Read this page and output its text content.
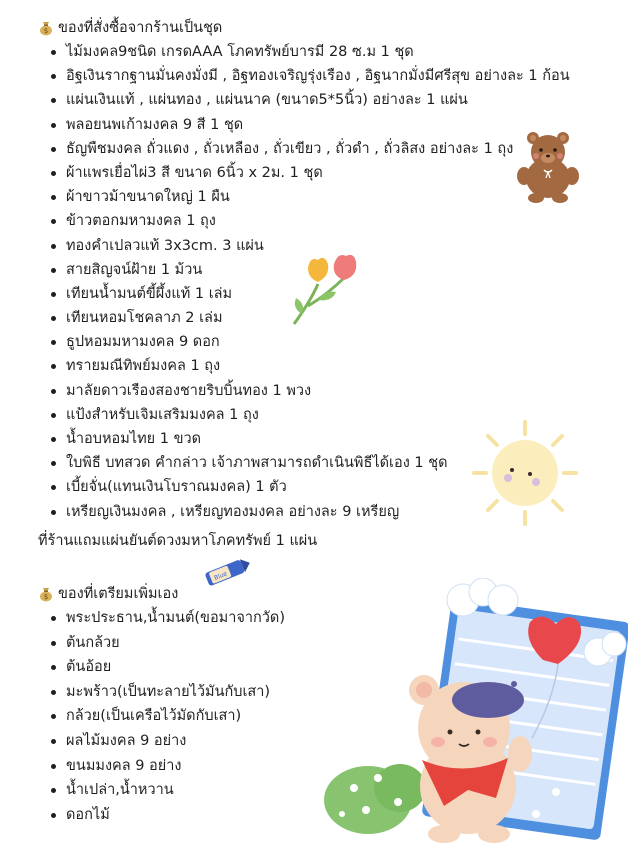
$ ของที่สั่งซื้อจากร้านเป็นชุด
ไม้มงคล9ชนิด เกรดAAA โภคทรัพย์บารมี 28 ซ.ม 1 ชุด
อิฐเงินรากฐานมั่นคงมั่งมี , อิฐทองเจริญรุ่งเรือง , อิฐนากมั่งมีศรีสุข อย่างละ 1 ก้อน
แผ่นเงินแท้ , แผ่นทอง , แผ่นนาค (ขนาด5*5นิ้ว) อย่างละ 1 แผ่น
พลอยนพเก้ามงคล 9 สี 1 ชุด
ธัญพืชมงคล ถั่วแดง , ถั่วเหลือง , ถั่วเขียว , ถั่วดำ , ถั่วลิสง อย่างละ 1 ถุง
ผ้าแพรเยื่อไผ่3 สี ขนาด 6นิ้ว x 2ม. 1 ชุด
ผ้าขาวม้าขนาดใหญ่ 1 ผืน
ข้าวตอกมหามงคล 1 ถุง
ทองคำเปลวแท้ 3x3cm. 3 แผ่น
สายสิญจน์ฝ้าย 1 ม้วน
เทียนน้ำมนต์ขี้ผึ้งแท้ 1 เล่ม
เทียนหอมโชคลาภ 2 เล่ม
ธูปหอมมหามงคล 9 ดอก
ทรายมณีทิพย์มงคล 1 ถุง
มาลัยดาวเรืองสองชายริบบิ้นทอง 1 พวง
แป้งสำหรับเจิมเสริมมงคล 1 ถุง
น้ำอบหอมไทย 1 ขวด
ใบพิธี บทสวด คำกล่าว เจ้าภาพสามารถดำเนินพิธีได้เอง 1 ชุด
เบี้ยจั่น(แทนเงินโบราณมงคล) 1 ตัว
เหรียญเงินมงคล , เหรียญทองมงคล อย่างละ 9 เหรียญ
ที่ร้านแถมแผ่นยันต์ดวงมหาโภคทรัพย์ 1 แผ่น
$ ของที่เตรียมเพิ่มเอง
พระประธาน,น้ำมนต์(ขอมาจากวัด)
ต้นกล้วย
ต้นอ้อย
มะพร้าว(เป็นทะลายไว้มันกับเสา)
กล้วย(เป็นเครือไว้มัดกับเสา)
ผลไม้มงคล 9 อย่าง
ขนมมงคล 9 อย่าง
น้ำเปล่า,น้ำหวาน
ดอกไม้
Blue
